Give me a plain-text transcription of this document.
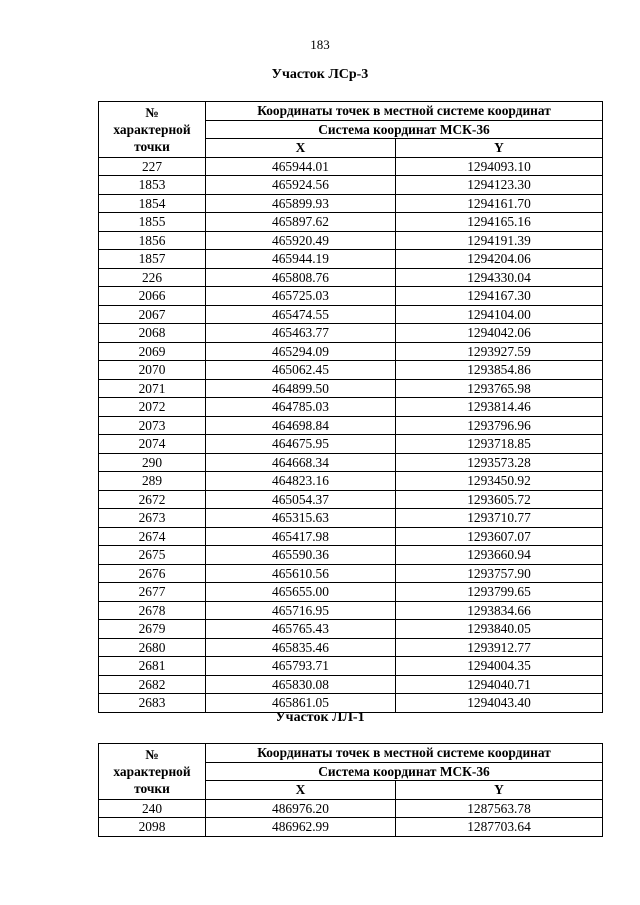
183
Участок ЛСр-3
№
характерной
точки	Координаты точек в местной системе координат	
	Система координат МСК-36	
	X	Y
227	465944.01	1294093.10
1853	465924.56	1294123.30
1854	465899.93	1294161.70
1855	465897.62	1294165.16
1856	465920.49	1294191.39
1857	465944.19	1294204.06
226	465808.76	1294330.04
2066	465725.03	1294167.30
2067	465474.55	1294104.00
2068	465463.77	1294042.06
2069	465294.09	1293927.59
2070	465062.45	1293854.86
2071	464899.50	1293765.98
2072	464785.03	1293814.46
2073	464698.84	1293796.96
2074	464675.95	1293718.85
290	464668.34	1293573.28
289	464823.16	1293450.92
2672	465054.37	1293605.72
2673	465315.63	1293710.77
2674	465417.98	1293607.07
2675	465590.36	1293660.94
2676	465610.56	1293757.90
2677	465655.00	1293799.65
2678	465716.95	1293834.66
2679	465765.43	1293840.05
2680	465835.46	1293912.77
2681	465793.71	1294004.35
2682	465830.08	1294040.71
2683	465861.05	1294043.40
Участок ЛЛ-1
№
характерной
точки	Координаты точек в местной системе координат	
	Система координат МСК-36	
	X	Y
240	486976.20	1287563.78
2098	486962.99	1287703.64
